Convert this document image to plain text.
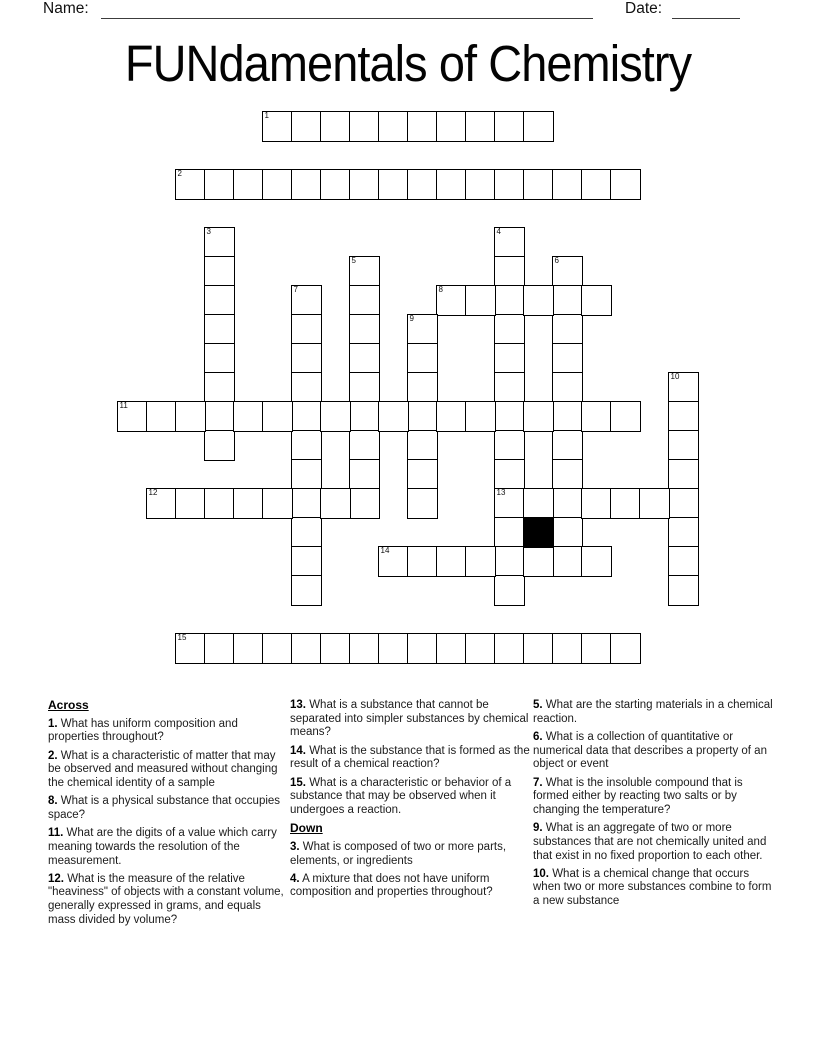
Name:	Date:
FUNdamentals of Chemistry
1
2
3	4
13
5	6
7	8
9
10
11
12
14
15
Across

1. What has uniform composition and properties throughout?

2. What is a characteristic of matter that may be observed and measured without changing the chemical identity of a sample

8. What is a physical substance that occupies space?

11. What are the digits of a value which carry meaning towards the resolution of the measurement.

12. What is the measure of the relative "heaviness" of objects with a constant volume, generally expressed in grams, and equals mass divided by volume?

13. What is a substance that cannot be separated into simpler substances by chemical means?

14. What is the substance that is formed as the result of a chemical reaction?

15. What is a characteristic or behavior of a substance that may be observed when it undergoes a reaction.

Down

3. What is composed of two or more parts, elements, or ingredients

4. A mixture that does not have uniform composition and properties throughout?

5. What are the starting materials in a chemical reaction.

6. What is a collection of quantitative or numerical data that describes a property of an object or event

7. What is the insoluble compound that is formed either by reacting two salts or by changing the temperature?

9. What is an aggregate of two or more substances that are not chemically united and that exist in no fixed proportion to each other.

10. What is a chemical change that occurs when two or more substances combine to form a new substance
